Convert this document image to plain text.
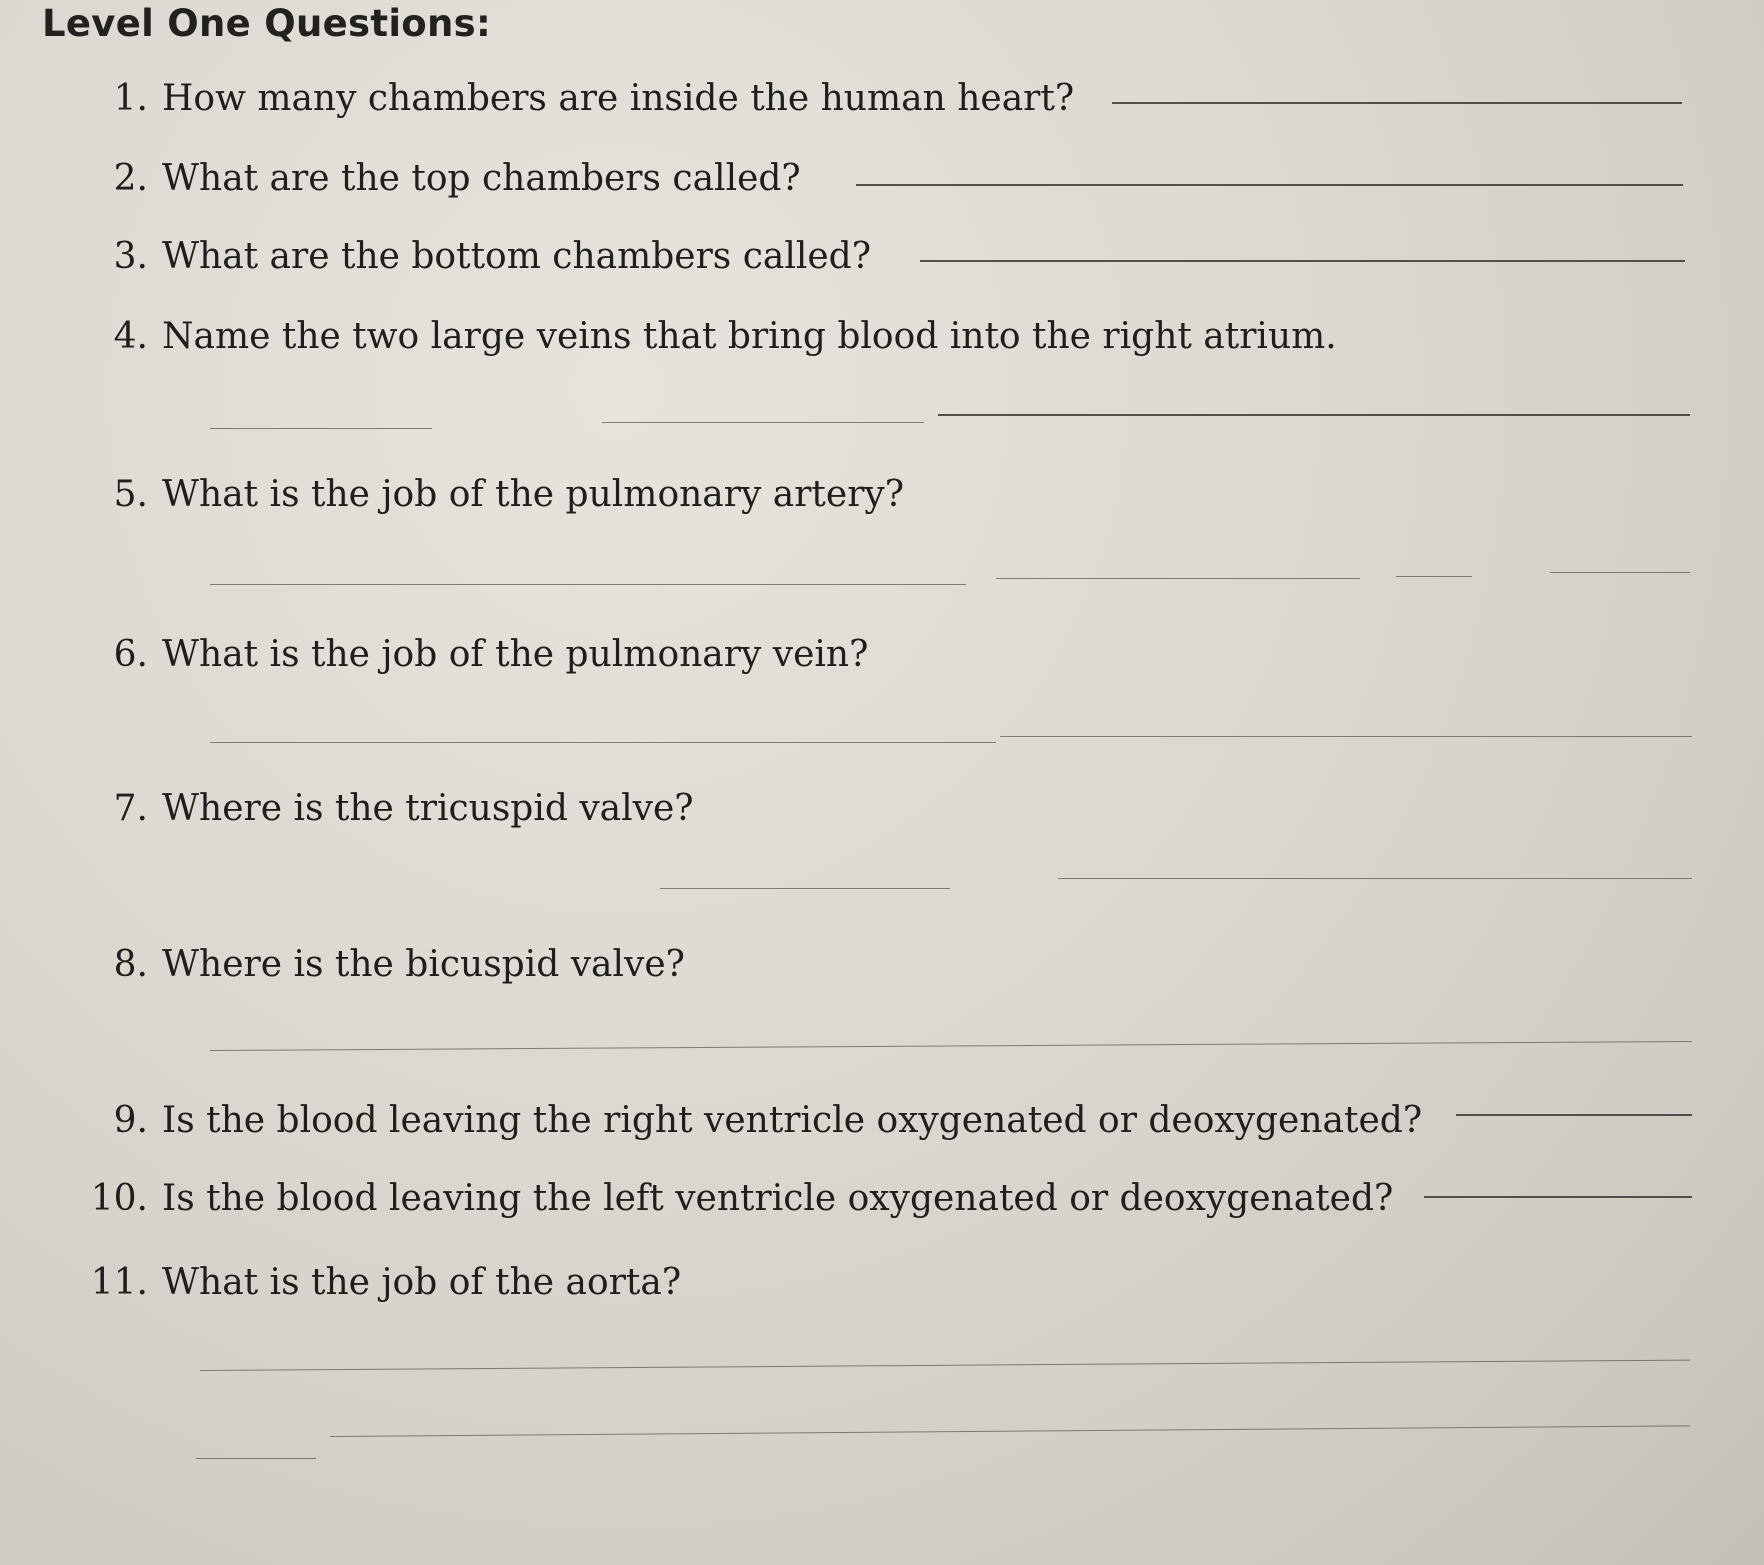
Level One Questions:
1. How many chambers are inside the human heart?
2. What are the top chambers called?
3. What are the bottom chambers called?
4. Name the two large veins that bring blood into the right atrium.
5. What is the job of the pulmonary artery?
6. What is the job of the pulmonary vein?
7. Where is the tricuspid valve?
8. Where is the bicuspid valve?
9. Is the blood leaving the right ventricle oxygenated or deoxygenated?
10. Is the blood leaving the left ventricle oxygenated or deoxygenated?
11. What is the job of the aorta?
